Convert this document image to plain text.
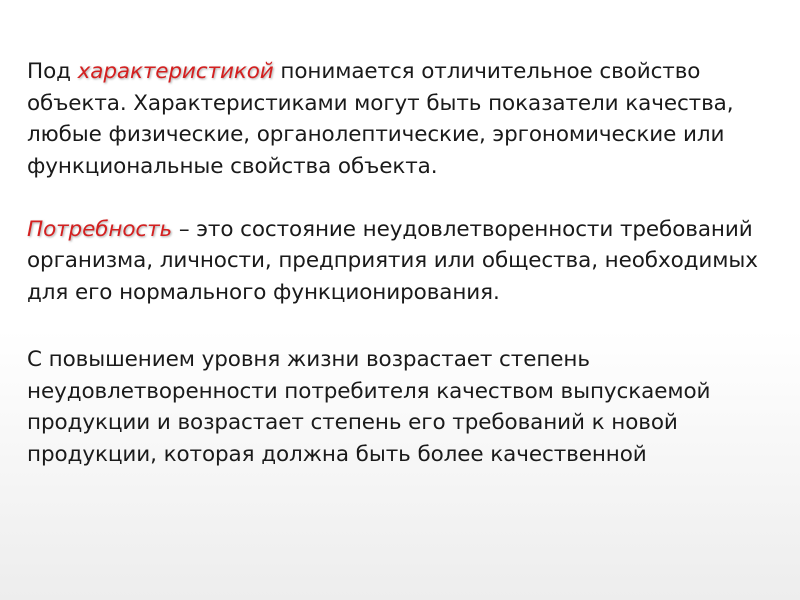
Под характеристикой понимается отличительное свойство объекта. Характеристиками могут быть показатели качества, любые физические, органолептические, эргономические или функциональные свойства объекта.

Потребность – это состояние неудовлетворенности требований организма, личности, предприятия или общества, необходимых для его нормального функционирования.

С повышением уровня жизни возрастает степень неудовлетворенности потребителя качеством выпускаемой продукции и возрастает степень его требований к новой продукции, которая должна быть более качественной
